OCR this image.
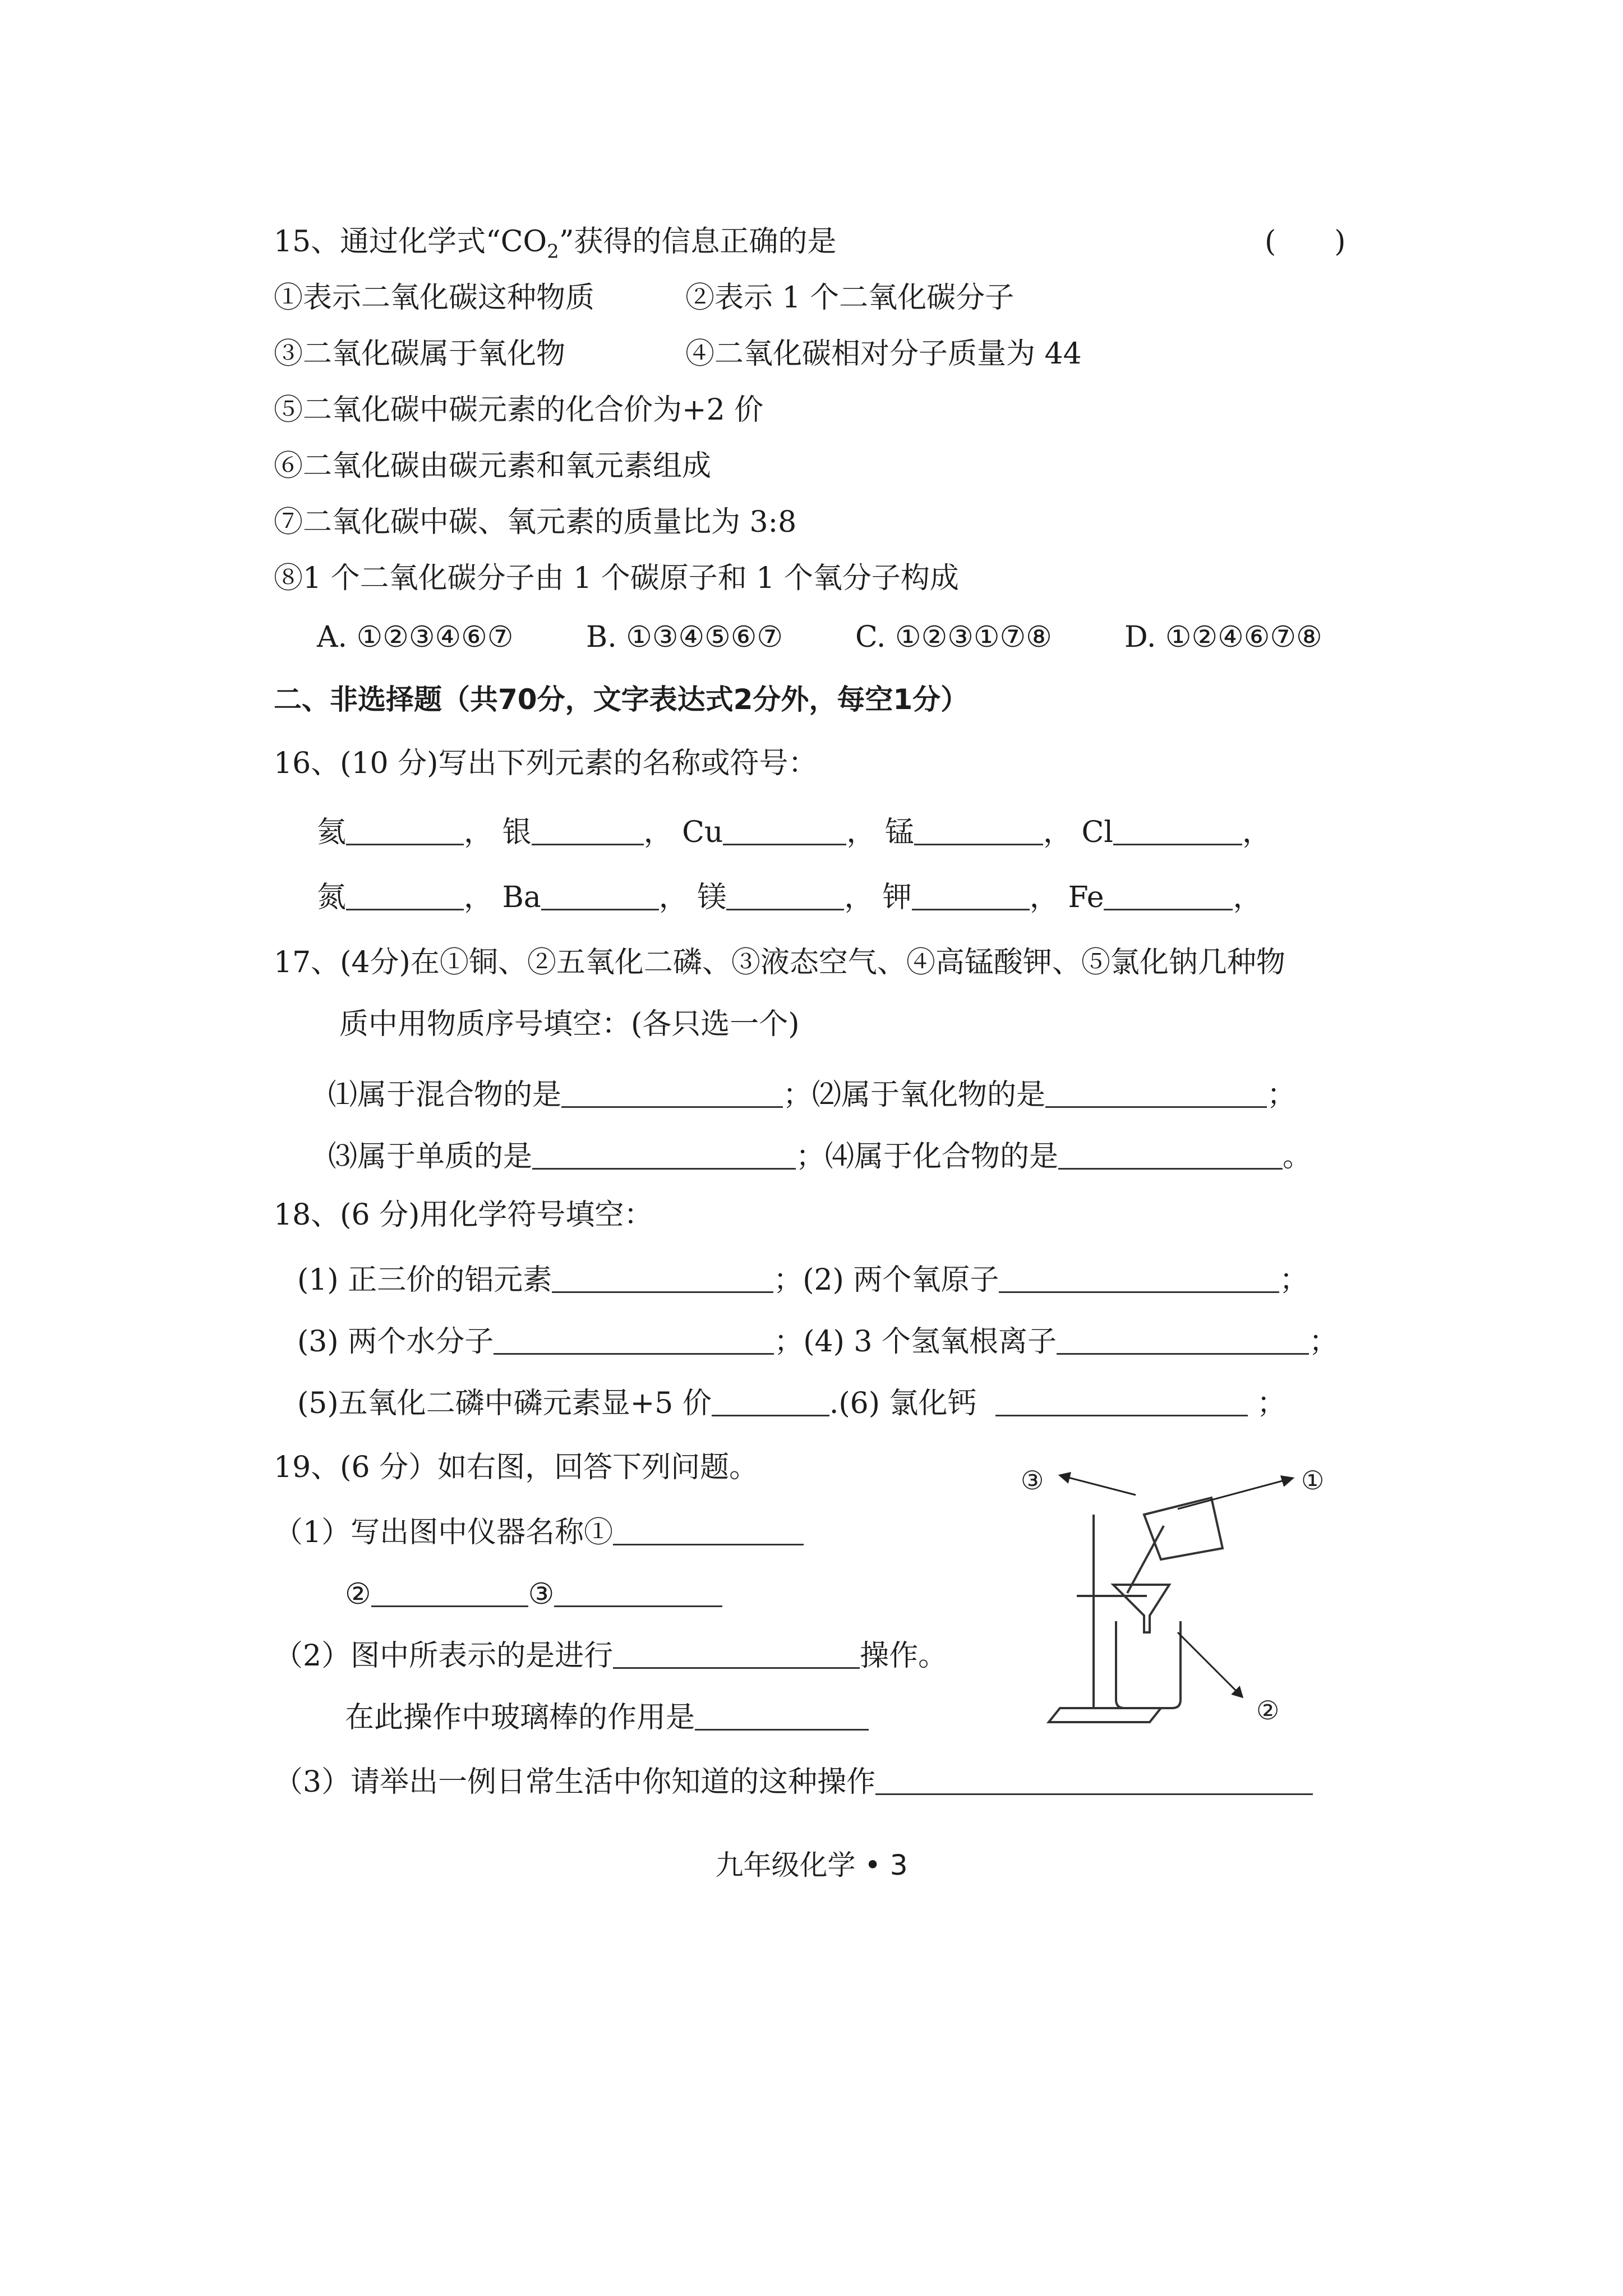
15、通过化学式“$CO_2$”获得的信息正确的是	(　　)
①表示二氧化碳这种物质	②表示 1 个二氧化碳分子
③二氧化碳属于氧化物	④二氧化碳相对分子质量为 44
⑤二氧化碳中碳元素的化合价为+2 价
⑥二氧化碳由碳元素和氧元素组成
⑦二氧化碳中碳、氧元素的质量比为 3:8
⑧1 个二氧化碳分子由 1 个碳原子和 1 个氧分子构成
A. ①②③④⑥⑦ B. ①③④⑤⑥⑦ C. ①②③①⑦⑧ D. ①②④⑥⑦⑧
二、非选择题（共70分，文字表达式2分外，每空1分）
16、(10 分)写出下列元素的名称或符号：
氦	， 银	， Cu	， 锰	， Cl	，
氮	， Ba	， 镁	， 钾	， Fe	，
17、(4分)在①铜、②五氧化二磷、③液态空气、④高锰酸钾、⑤氯化钠几种物
质中用物质序号填空：(各只选一个)
⑴属于混合物的是	；⑵属于氧化物的是	；
⑶属于单质的是	；⑷属于化合物的是	。
18、(6 分)用化学符号填空：
(1) 正三价的铝元素	；(2) 两个氧原子	；
(3) 两个水分子	；(4) 3 个氢氧根离子	；
(5)五氧化二磷中磷元素显+5 价	.(6) 氯化钙	；
19、(6 分）如右图，回答下列问题。
（1）写出图中仪器名称①
②	③
（2）图中所表示的是进行	操作。
在此操作中玻璃棒的作用是
（3）请举出一例日常生活中你知道的这种操作
①
②
③
九年级化学 • 3
